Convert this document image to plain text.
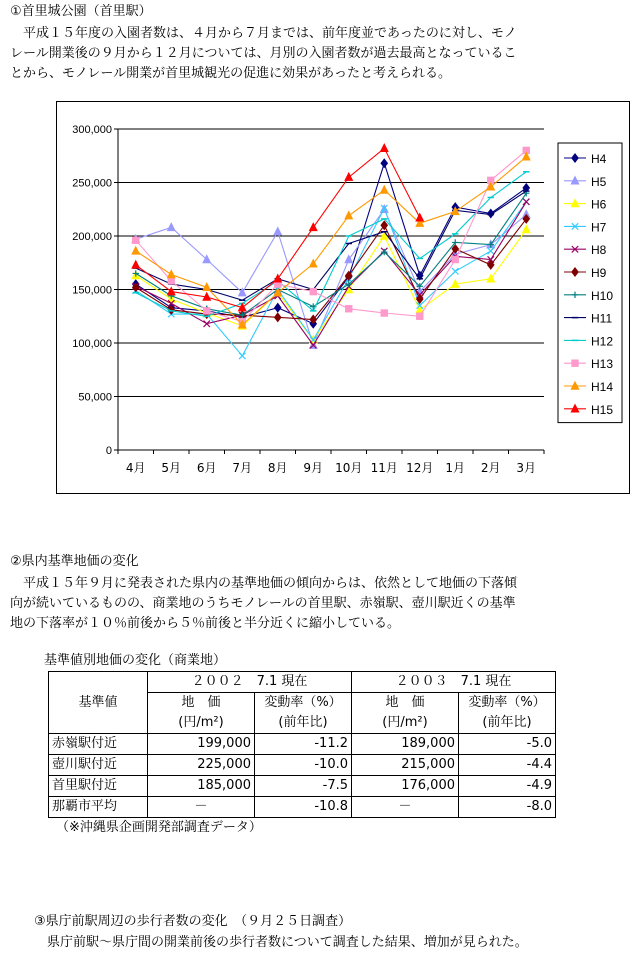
①首里城公園（首里駅）
　平成１５年度の入園者数は、４月から７月までは、前年度並であったのに対し、モノ
レール開業後の９月から１２月については、月別の入園者数が過去最高となっているこ
とから、モノレール開業が首里城観光の促進に効果があったと考えられる。
300,000
250,000
200,000
150,000
100,000
50,000
0
4月 5月 6月 7月 8月 9月 10月 11月 12月 1月 2月 3月
H4
H5
H6
H7
H8
H9
H10
H11
H12
H13
H14
H15
②県内基準地価の変化
　平成１５年９月に発表された県内の基準地価の傾向からは、依然として地価の下落傾
向が続いているものの、商業地のうちモノレールの首里駅、赤嶺駅、壺川駅近くの基準
地の下落率が１０％前後から５％前後と半分近くに縮小している。
基準値別地価の変化（商業地）
	２００２　7.1 現在		２００３　7.1 現在	
基準値	地　価	変動率（%）	地　価	変動率（%）
	(円/m²)	(前年比)	(円/m²)	(前年比)
赤嶺駅付近	199,000	-11.2	189,000	-5.0
壺川駅付近	225,000	-10.0	215,000	-4.4
首里駅付近	185,000	-7.5	176,000	-4.9
那覇市平均	－	-10.8	－	-8.0
（※沖縄県企画開発部調査データ）
③県庁前駅周辺の歩行者数の変化　（９月２５日調査）
　県庁前駅～県庁間の開業前後の歩行者数について調査した結果、増加が見られた。
